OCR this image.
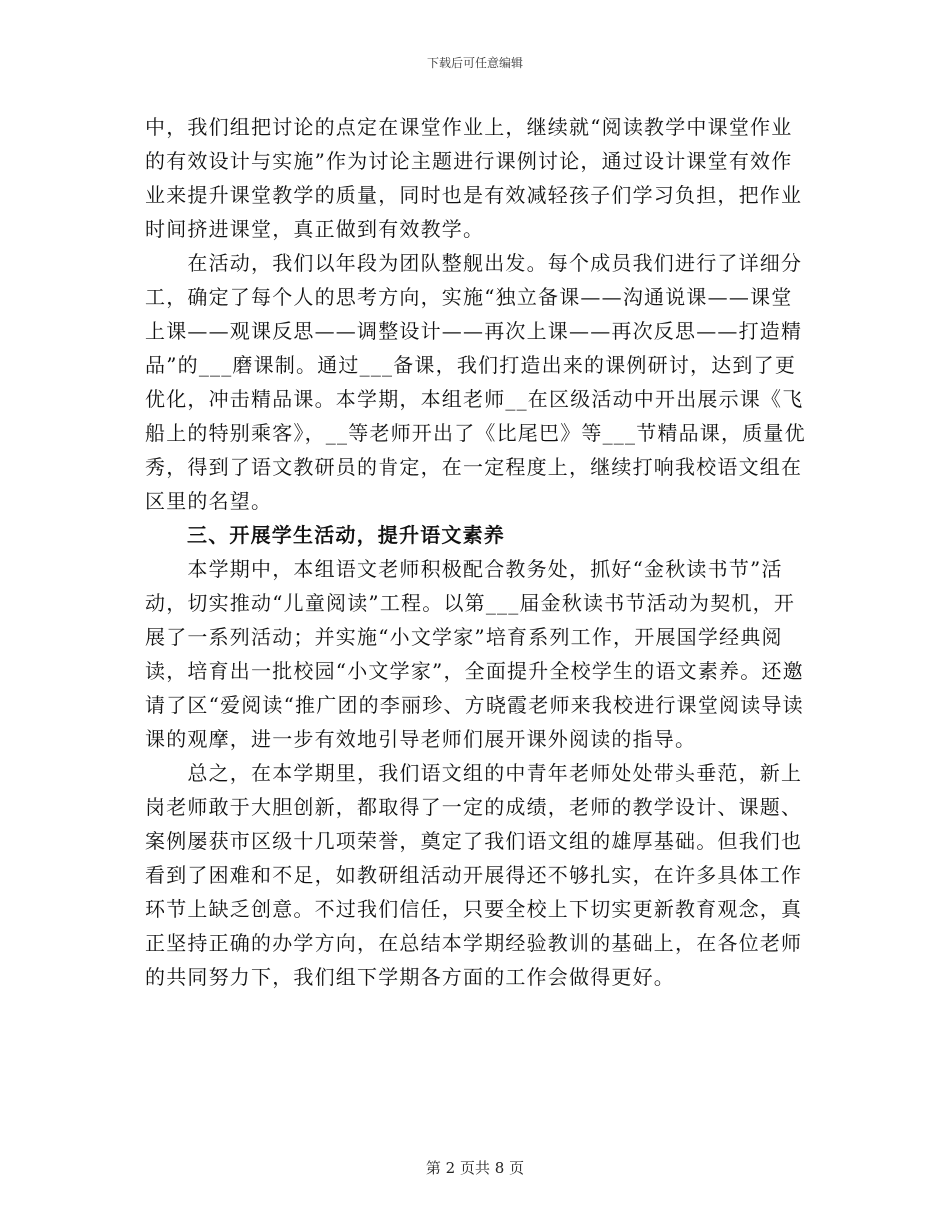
下载后可任意编辑

中，我们组把讨论的点定在课堂作业上，继续就“阅读教学中课堂作业的有效设计与实施”作为讨论主题进行课例讨论，通过设计课堂有效作业来提升课堂教学的质量，同时也是有效减轻孩子们学习负担，把作业时间挤进课堂，真正做到有效教学。

　　在活动，我们以年段为团队整舰出发。每个成员我们进行了详细分工，确定了每个人的思考方向，实施“独立备课——沟通说课——课堂上课——观课反思——调整设计——再次上课——再次反思——打造精品”的___磨课制。通过___备课，我们打造出来的课例研讨，达到了更优化，冲击精品课。本学期，本组老师__在区级活动中开出展示课《飞船上的特别乘客》，__等老师开出了《比尾巴》等___节精品课，质量优秀，得到了语文教研员的肯定，在一定程度上，继续打响我校语文组在区里的名望。

三、开展学生活动，提升语文素养

　　本学期中，本组语文老师积极配合教务处，抓好“金秋读书节”活动，切实推动“儿童阅读”工程。以第___届金秋读书节活动为契机，开展了一系列活动；并实施“小文学家”培育系列工作，开展国学经典阅读，培育出一批校园“小文学家”，全面提升全校学生的语文素养。还邀请了区“爱阅读“推广团的李丽珍、方晓霞老师来我校进行课堂阅读导读课的观摩，进一步有效地引导老师们展开课外阅读的指导。

　　总之，在本学期里，我们语文组的中青年老师处处带头垂范，新上岗老师敢于大胆创新，都取得了一定的成绩，老师的教学设计、课题、案例屡获市区级十几项荣誉，奠定了我们语文组的雄厚基础。但我们也看到了困难和不足，如教研组活动开展得还不够扎实，在许多具体工作环节上缺乏创意。不过我们信任，只要全校上下切实更新教育观念，真正坚持正确的办学方向，在总结本学期经验教训的基础上，在各位老师的共同努力下，我们组下学期各方面的工作会做得更好。

第 2 页共 8 页
